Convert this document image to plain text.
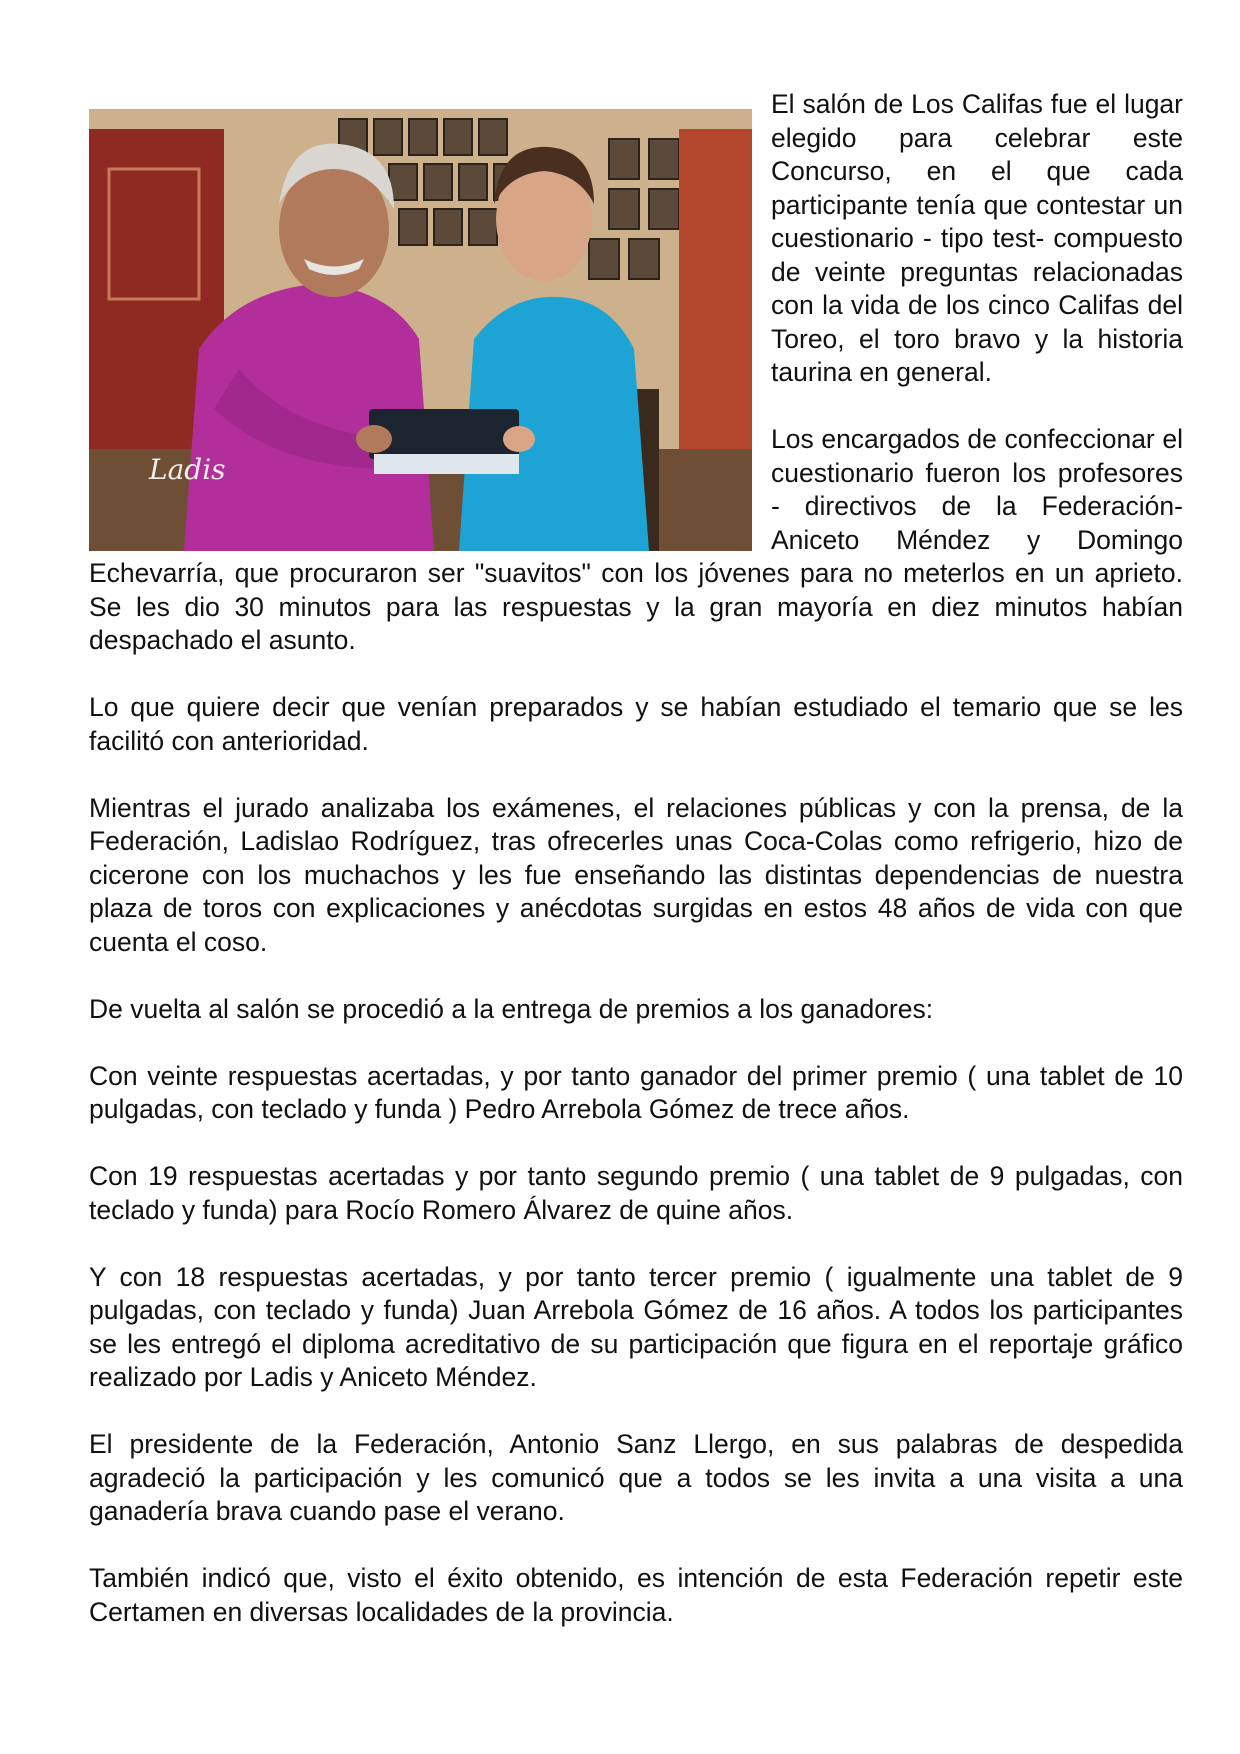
Ladis

El salón de Los Califas fue el lugar elegido para celebrar este Concurso, en el que cada participante tenía que contestar un cuestionario - tipo test- compuesto de veinte preguntas relacionadas con la vida de los cinco Califas del Toreo, el toro bravo y la historia taurina en general.

Los encargados de confeccionar el cuestionario fueron los profesores - directivos de la Federación- Aniceto Méndez y Domingo Echevarría, que procuraron ser "suavitos" con los jóvenes para no meterlos en un aprieto. Se les dio 30 minutos para las respuestas y la gran mayoría en diez minutos habían despachado el asunto.

Lo que quiere decir que venían preparados y se habían estudiado el temario que se les facilitó con anterioridad.

Mientras el jurado analizaba los exámenes, el relaciones públicas y con la prensa, de la Federación, Ladislao Rodríguez, tras ofrecerles unas Coca-Colas como refrigerio, hizo de cicerone con los muchachos y les fue enseñando las distintas dependencias de nuestra plaza de toros con explicaciones y anécdotas surgidas en estos 48 años de vida con que cuenta el coso.

De vuelta al salón se procedió a la entrega de premios a los ganadores:

Con veinte respuestas acertadas, y por tanto ganador del primer premio ( una tablet de 10 pulgadas, con teclado y funda ) Pedro Arrebola Gómez de trece años.

Con 19 respuestas acertadas y por tanto segundo premio ( una tablet de 9 pulgadas, con teclado y funda) para Rocío Romero Álvarez de quine años.

Y con 18 respuestas acertadas, y por tanto tercer premio ( igualmente una tablet de 9 pulgadas, con teclado y funda) Juan Arrebola Gómez de 16 años. A todos los participantes se les entregó el diploma acreditativo de su participación que figura en el reportaje gráfico realizado por Ladis y Aniceto Méndez.

El presidente de la Federación, Antonio Sanz Llergo, en sus palabras de despedida agradeció la participación y les comunicó que a todos se les invita a una visita a una ganadería brava cuando pase el verano.

También indicó que, visto el éxito obtenido, es intención de esta Federación repetir este Certamen en diversas localidades de la provincia.
